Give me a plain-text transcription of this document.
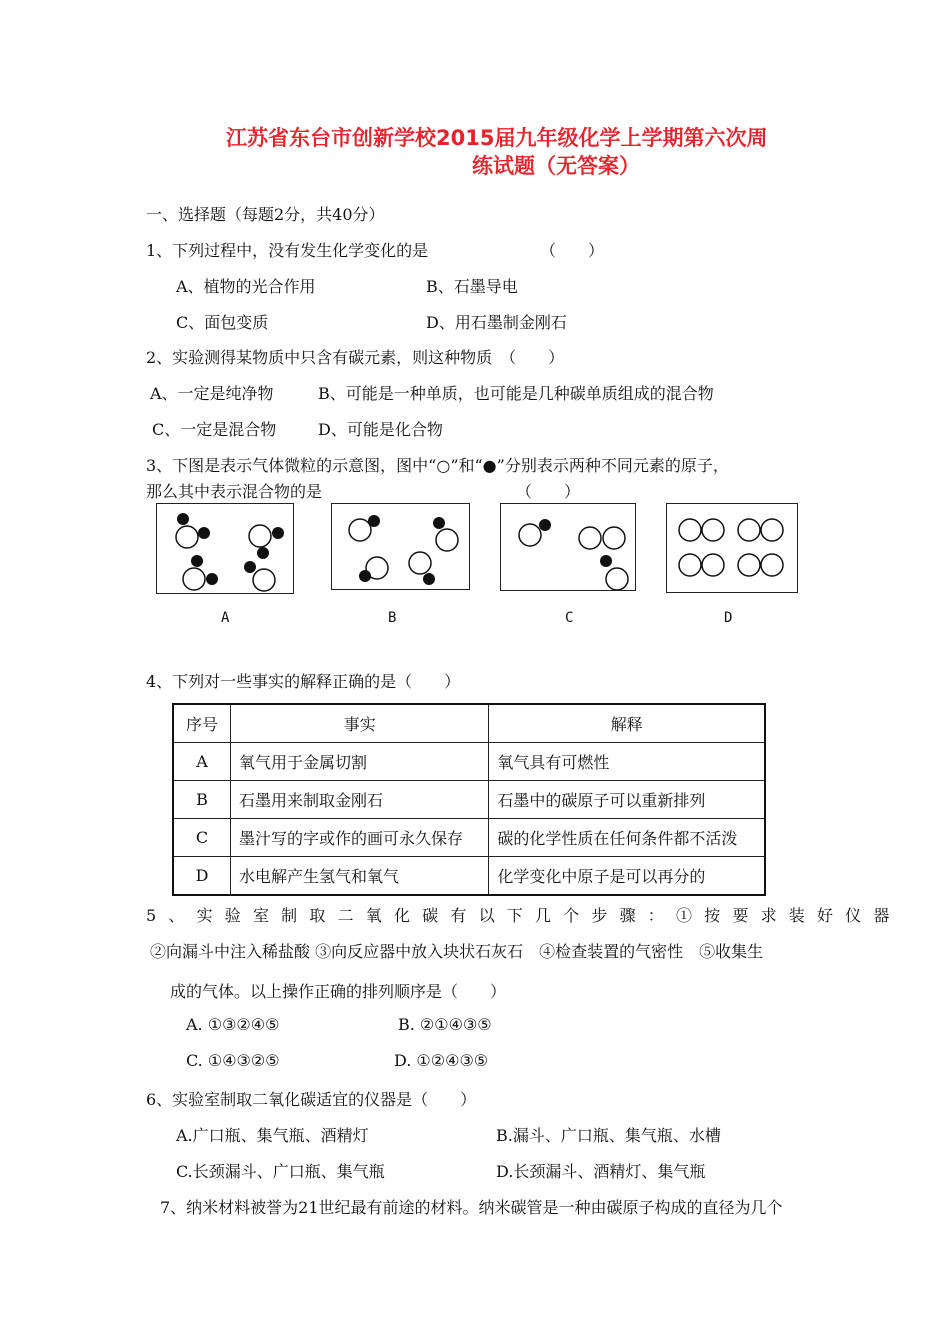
江苏省东台市创新学校2015届九年级化学上学期第六次周
练试题（无答案）
一、选择题（每题2分，共40分）
1、下列过程中，没有发生化学变化的是	（　　）
A、植物的光合作用	B、石墨导电
C、面包变质	D、用石墨制金刚石
2、实验测得某物质中只含有碳元素，则这种物质　（　　）
A、一定是纯净物	B、可能是一种单质，也可能是几种碳单质组成的混合物
C、一定是混合物	D、可能是化合物
3、下图是表示气体微粒的示意图，图中“○”和“●”分别表示两种不同元素的原子，
那么其中表示混合物的是	（　　）
A	B	C	D
4、下列对一些事实的解释正确的是（　　）
序号	事实	解释
A	氧气用于金属切割	氧气具有可燃性
B	石墨用来制取金刚石	石墨中的碳原子可以重新排列
C	墨汁写的字或作的画可永久保存	碳的化学性质在任何条件都不活泼
D	水电解产生氢气和氧气	化学变化中原子是可以再分的
5、实验室制取二氧化碳有以下几个步骤：①按要求装好仪器
②向漏斗中注入稀盐酸 ③向反应器中放入块状石灰石　④检查装置的气密性　⑤收集生
成的气体。以上操作正确的排列顺序是（　　）
A. ①③②④⑤	B. ②①④③⑤
C. ①④③②⑤	D. ①②④③⑤
6、实验室制取二氧化碳适宜的仪器是（　　）
A.广口瓶、集气瓶、酒精灯	B.漏斗、广口瓶、集气瓶、水槽
C.长颈漏斗、广口瓶、集气瓶	D.长颈漏斗、酒精灯、集气瓶
7、纳米材料被誉为21世纪最有前途的材料。纳米碳管是一种由碳原子构成的直径为几个
